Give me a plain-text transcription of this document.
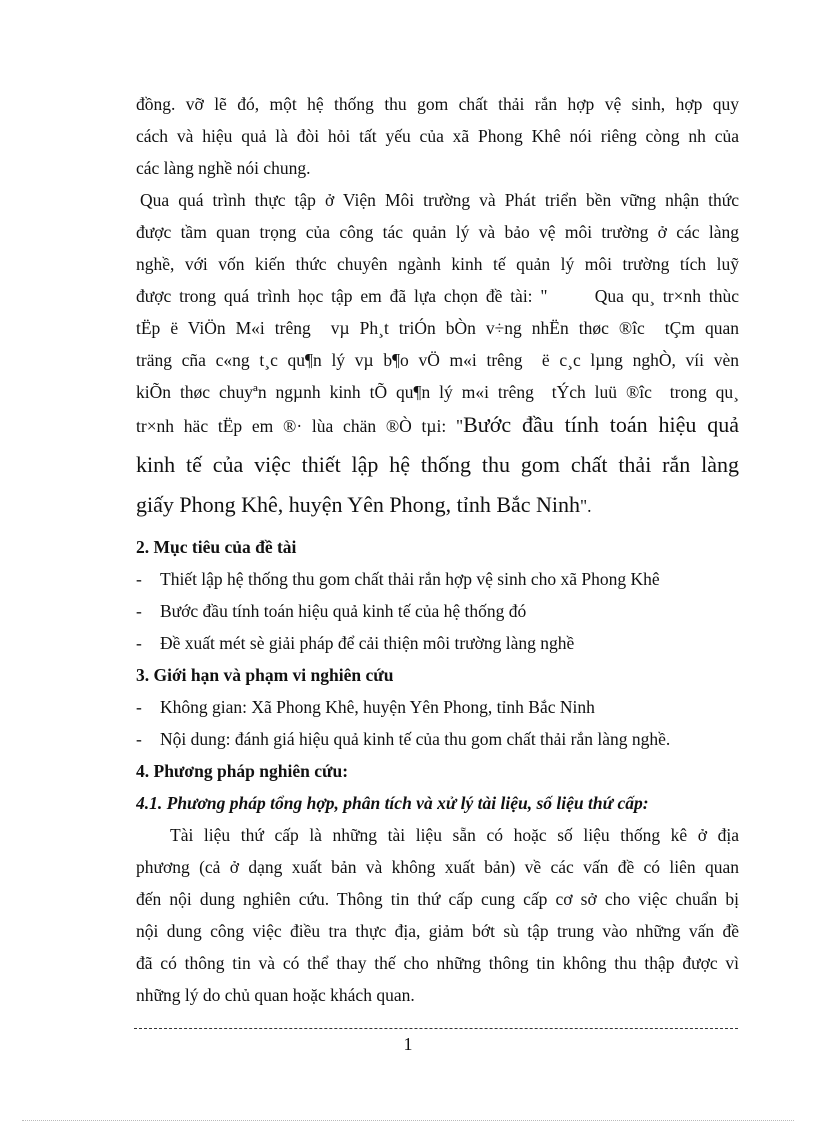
đồng. vỡ lẽ đó, một hệ thống thu gom chất thải rắn hợp vệ sinh, hợp quy
cách và hiệu quả là đòi hỏi tất yếu của xã Phong Khê nói riêng còng nh của
các làng nghề nói chung.
Qua quá trình thực tập ở Viện Môi trường và Phát triển bền vững nhận thức
được tầm quan trọng của công tác quản lý và bảo vệ môi trường ở các làng
nghề, với vốn kiến thức chuyên ngành kinh tế quản lý môi trường tích luỹ
được trong quá trình học tập em đã lựa chọn đề tài: "      Qua qu¸ tr×nh thùc
tËp ë ViÖn M«i trêng  vµ Ph¸t triÓn bÒn v÷ng nhËn thøc ®îc  tÇm quan
träng cña c«ng t¸c qu¶n lý vµ b¶o vÖ m«i trêng  ë c¸c lµng nghÒ, víi vèn
kiÕn thøc chuyªn ngµnh kinh tÕ qu¶n lý m«i trêng  tÝch luü ®îc  trong qu¸
tr×nh häc tËp em ®· lùa chän ®Ò tµi: "Bước đầu tính toán hiệu quả
kinh tế của việc thiết lập hệ thống thu gom chất thải rắn làng
giấy Phong Khê, huyện Yên Phong, tỉnh Bắc Ninh".
2. Mục tiêu của đề tài
- Thiết lập hệ thống thu gom chất thải rắn hợp vệ sinh cho xã Phong Khê
- Bước đầu tính toán hiệu quả kinh tế của hệ thống đó
- Đề xuất mét sè giải pháp để cải thiện môi trường làng nghề
3. Giới hạn và phạm vi nghiên cứu
- Không gian: Xã Phong Khê, huyện Yên Phong, tỉnh Bắc Ninh
- Nội dung: đánh giá hiệu quả kinh tế của thu gom chất thải rắn làng nghề.
4. Phương pháp nghiên cứu:
4.1. Phương pháp tổng hợp, phân tích và xử lý tài liệu, số liệu thứ cấp:
Tài liệu thứ cấp là những tài liệu sẵn có hoặc số liệu thống kê ở địa
phương (cả ở dạng xuất bản và không xuất bản) về các vấn đề có liên quan
đến nội dung nghiên cứu. Thông tin thứ cấp cung cấp cơ sở cho việc chuẩn bị
nội dung công việc điều tra thực địa, giảm bớt sù tập trung vào những vấn đề
đã có thông tin và có thể thay thế cho những thông tin không thu thập được vì
những lý do chủ quan hoặc khách quan.
1
